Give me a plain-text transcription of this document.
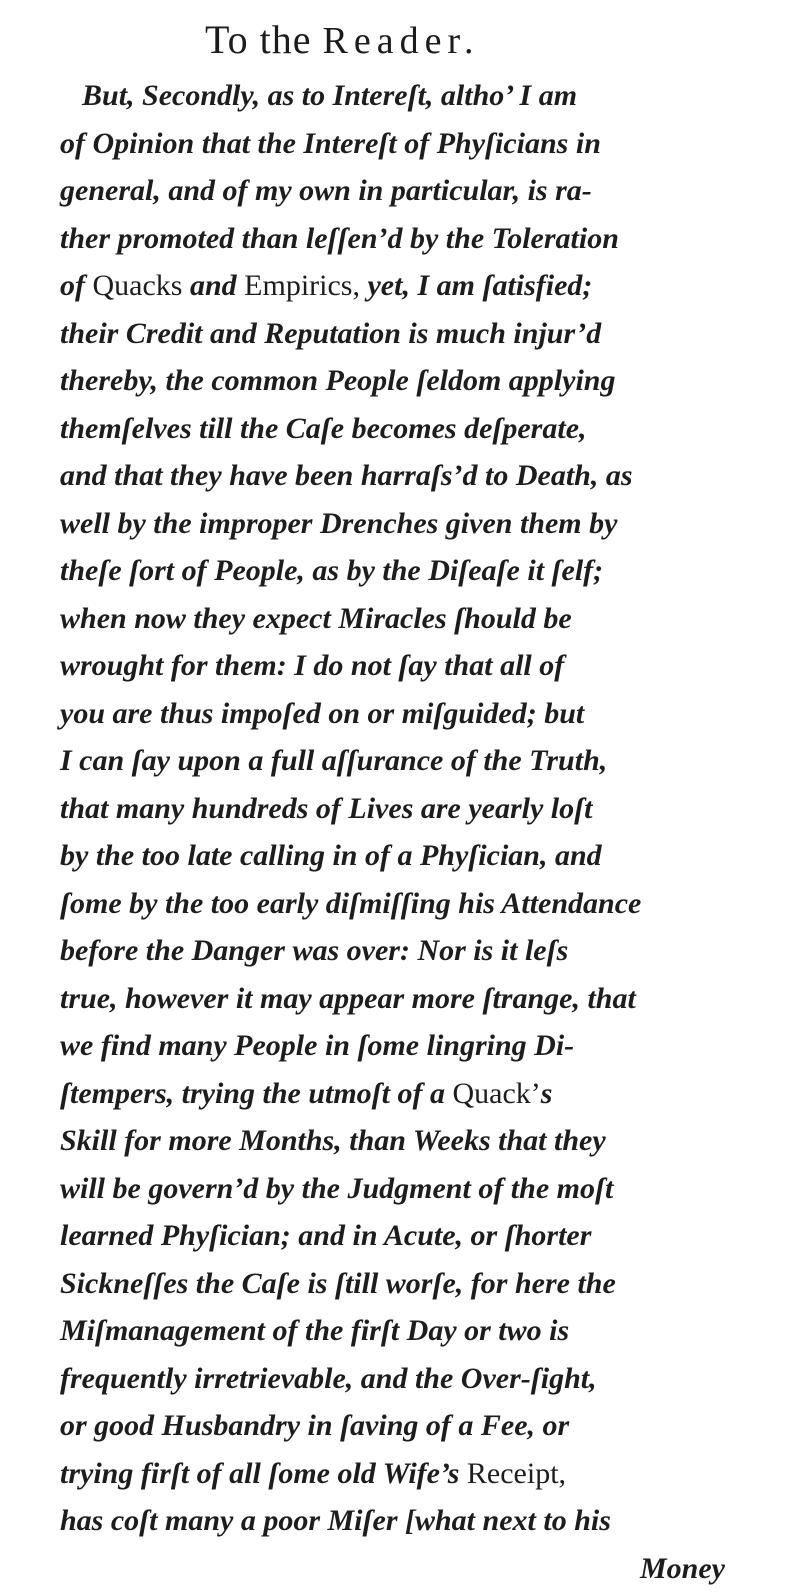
To the Reader.
But, Secondly, as to Intereſt, altho’ I am
of Opinion that the Intereſt of Phyſicians in
general, and of my own in particular, is ra-
ther promoted than leſſen’d by the Toleration
of Quacks and Empirics, yet, I am ſatisfied;
their Credit and Reputation is much injur’d
thereby, the common People ſeldom applying
themſelves till the Caſe becomes deſperate,
and that they have been harraſs’d to Death, as
well by the improper Drenches given them by
theſe ſort of People, as by the Diſeaſe it ſelf;
when now they expect Miracles ſhould be
wrought for them: I do not ſay that all of
you are thus impoſed on or miſguided; but
I can ſay upon a full aſſurance of the Truth,
that many hundreds of Lives are yearly loſt
by the too late calling in of a Phyſician, and
ſome by the too early diſmiſſing his Attendance
before the Danger was over: Nor is it leſs
true, however it may appear more ſtrange, that
we find many People in ſome lingring Di-
ſtempers, trying the utmoſt of a Quack’s
Skill for more Months, than Weeks that they
will be govern’d by the Judgment of the moſt
learned Phyſician; and in Acute, or ſhorter
Sickneſſes the Caſe is ſtill worſe, for here the
Miſmanagement of the firſt Day or two is
frequently irretrievable, and the Over-ſight,
or good Husbandry in ſaving of a Fee, or
trying firſt of all ſome old Wife’s Receipt,
has coſt many a poor Miſer [what next to his
Money
